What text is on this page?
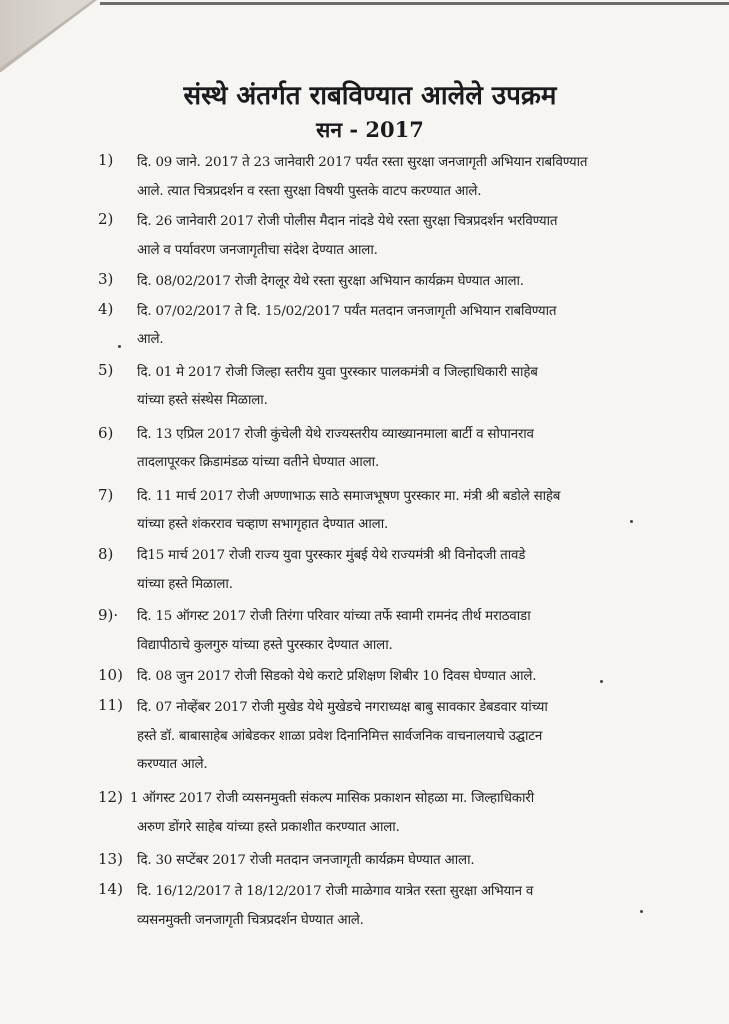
संस्थे अंतर्गत राबविण्यात आलेले उपक्रम
सन - 2017
1)	दि. 09 जाने. 2017 ते 23 जानेवारी 2017 पर्यंत रस्ता सुरक्षा जनजागृती अभियान राबविण्यात
आले. त्यात चित्रप्रदर्शन व रस्ता सुरक्षा विषयी पुस्तके वाटप करण्यात आले.
2)	दि. 26 जानेवारी 2017 रोजी पोलीस मैदान नांदडे येथे रस्ता सुरक्षा चित्रप्रदर्शन भरविण्यात
आले व पर्यावरण जनजागृतीचा संदेश देण्यात आला.
3)	दि. 08/02/2017 रोजी देगलूर येथे रस्ता सुरक्षा अभियान कार्यक्रम घेण्यात आला.
4)	दि. 07/02/2017 ते दि. 15/02/2017 पर्यंत मतदान जनजागृती अभियान राबविण्यात
आले.
5)	दि. 01 मे 2017 रोजी जिल्हा स्तरीय युवा पुरस्कार पालकमंत्री व जिल्हाधिकारी साहेब
यांच्या हस्ते संस्थेस मिळाला.
6)	दि. 13 एप्रिल 2017 रोजी कुंचेली येथे राज्यस्तरीय व्याख्यानमाला बार्टी व सोपानराव
तादलापूरकर क्रिडामंडळ यांच्या वतीने घेण्यात आला.
7)	दि. 11 मार्च 2017 रोजी अण्णाभाऊ साठे समाजभूषण पुरस्कार मा. मंत्री श्री बडोले साहेब
यांच्या हस्ते शंकरराव चव्हाण सभागृहात देण्यात आला.
8)	दि15 मार्च 2017 रोजी राज्य युवा पुरस्कार मुंबई येथे राज्यमंत्री श्री विनोदजी तावडे
यांच्या हस्ते मिळाला.
9)·	दि. 15 ऑगस्ट 2017 रोजी तिरंगा परिवार यांच्या तर्फे स्वामी रामनंद तीर्थ मराठवाडा
विद्यापीठाचे कुलगुरु यांच्या हस्ते पुरस्कार देण्यात आला.
10)	दि. 08 जुन 2017 रोजी सिडको येथे कराटे प्रशिक्षण शिबीर 10 दिवस घेण्यात आले.
11)	दि. 07 नोव्हेंबर 2017 रोजी मुखेड येथे मुखेडचे नगराध्यक्ष बाबु सावकार डेबडवार यांच्या
हस्ते डॉ. बाबासाहेब आंबेडकर शाळा प्रवेश दिनानिमित्त सार्वजनिक वाचनालयाचे उद्घाटन
करण्यात आले.
12) 1 ऑगस्ट 2017 रोजी व्यसनमुक्ती संकल्प मासिक प्रकाशन सोहळा मा. जिल्हाधिकारी
अरुण डोंगरे साहेब यांच्या हस्ते प्रकाशीत करण्यात आला.
13)	दि. 30 सप्टेंबर 2017 रोजी मतदान जनजागृती कार्यक्रम घेण्यात आला.
14)	दि. 16/12/2017 ते 18/12/2017 रोजी माळेगाव यात्रेत रस्ता सुरक्षा अभियान व
व्यसनमुक्ती जनजागृती चित्रप्रदर्शन घेण्यात आले.
